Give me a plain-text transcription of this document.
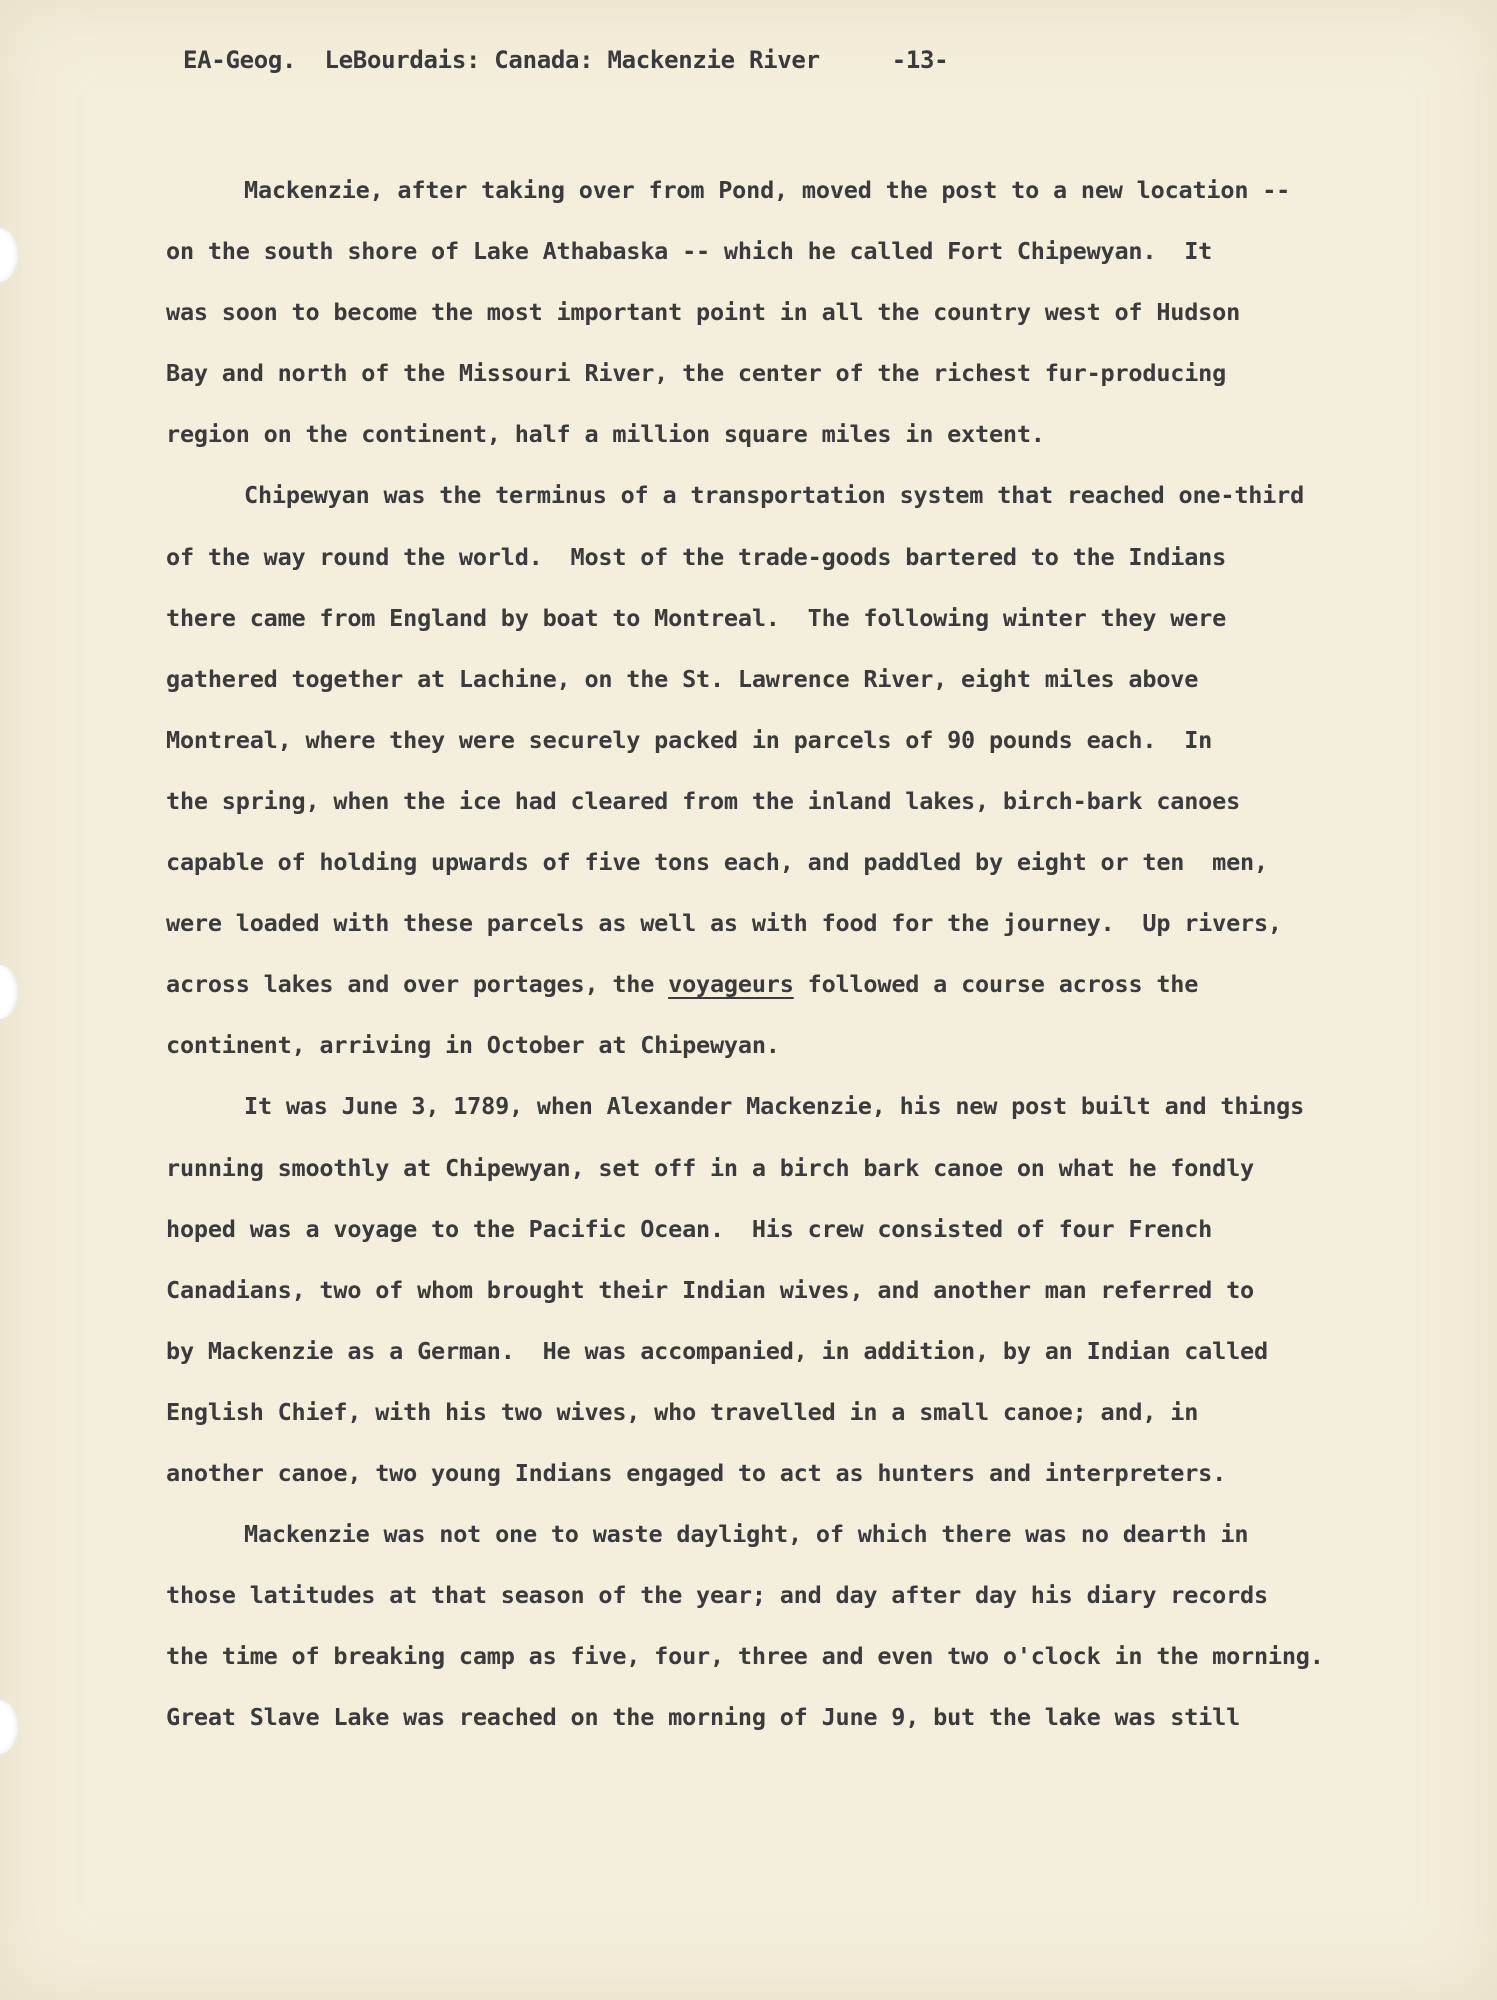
EA-Geog.  LeBourdais: Canada: Mackenzie River	-13-
Mackenzie, after taking over from Pond, moved the post to a new location --
on the south shore of Lake Athabaska -- which he called Fort Chipewyan.  It
was soon to become the most important point in all the country west of Hudson
Bay and north of the Missouri River, the center of the richest fur-producing
region on the continent, half a million square miles in extent.
Chipewyan was the terminus of a transportation system that reached one-third
of the way round the world.  Most of the trade-goods bartered to the Indians
there came from England by boat to Montreal.  The following winter they were
gathered together at Lachine, on the St. Lawrence River, eight miles above
Montreal, where they were securely packed in parcels of 90 pounds each.  In
the spring, when the ice had cleared from the inland lakes, birch-bark canoes
capable of holding upwards of five tons each, and paddled by eight or ten  men,
were loaded with these parcels as well as with food for the journey.  Up rivers,
across lakes and over portages, the voyageurs followed a course across the
continent, arriving in October at Chipewyan.
It was June 3, 1789, when Alexander Mackenzie, his new post built and things
running smoothly at Chipewyan, set off in a birch bark canoe on what he fondly
hoped was a voyage to the Pacific Ocean.  His crew consisted of four French
Canadians, two of whom brought their Indian wives, and another man referred to
by Mackenzie as a German.  He was accompanied, in addition, by an Indian called
English Chief, with his two wives, who travelled in a small canoe; and, in
another canoe, two young Indians engaged to act as hunters and interpreters.
Mackenzie was not one to waste daylight, of which there was no dearth in
those latitudes at that season of the year; and day after day his diary records
the time of breaking camp as five, four, three and even two o'clock in the morning.
Great Slave Lake was reached on the morning of June 9, but the lake was still
